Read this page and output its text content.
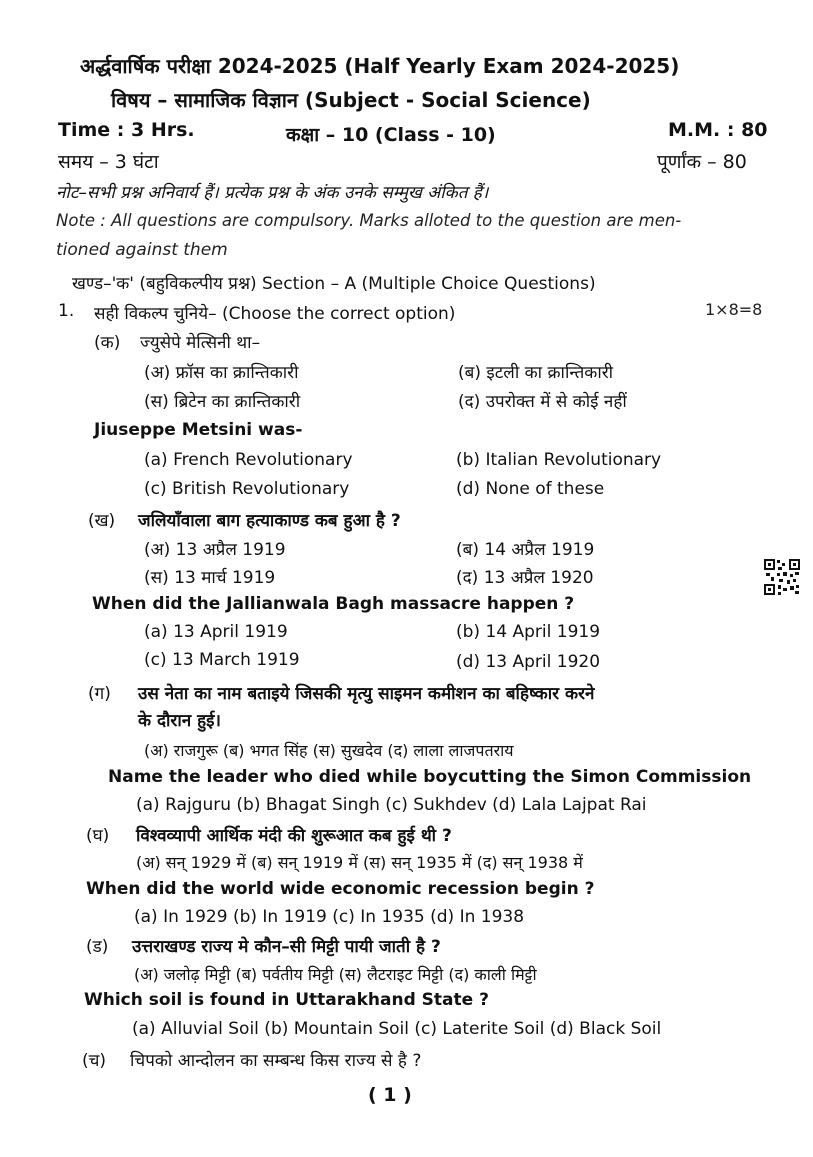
अर्द्धवार्षिक परीक्षा 2024-2025 (Half Yearly Exam 2024-2025)
विषय – सामाजिक विज्ञान (Subject - Social Science)
Time : 3 Hrs.	कक्षा – 10 (Class - 10)	M.M. : 80
समय – 3 घंटा	पूर्णांक – 80
नोट–सभी प्रश्न अनिवार्य हैं। प्रत्येक प्रश्न के अंक उनके सम्मुख अंकित हैं।
Note : All questions are compulsory. Marks alloted to the question are men-
tioned against them
खण्ड–'क' (बहुविकल्पीय प्रश्न) Section – A (Multiple Choice Questions)
1. सही विकल्प चुनिये– (Choose the correct option)	1×8=8
(क) ज्युसेपे मेत्सिनी था–
(अ) फ्रॉस का क्रान्तिकारी	(ब) इटली का क्रान्तिकारी
(स) ब्रिटेन का क्रान्तिकारी	(द) उपरोक्त में से कोई नहीं
Jiuseppe Metsini was-
(a) French Revolutionary	(b) Italian Revolutionary
(c) British Revolutionary	(d) None of these
(ख) जलियाँवाला बाग हत्याकाण्ड कब हुआ है ?
(अ) 13 अप्रैल 1919	(ब) 14 अप्रैल 1919
(स) 13 मार्च 1919	(द) 13 अप्रैल 1920
When did the Jallianwala Bagh massacre happen ?
(a) 13 April 1919	(b) 14 April 1919
(c) 13 March 1919	(d) 13 April 1920
(ग) उस नेता का नाम बताइये जिसकी मृत्यु साइमन कमीशन का बहिष्कार करने
के दौरान हुई।
(अ) राजगुरू (ब) भगत सिंह (स) सुखदेव (द) लाला लाजपतराय
Name the leader who died while boycutting the Simon Commission
(a) Rajguru (b) Bhagat Singh (c) Sukhdev (d) Lala Lajpat Rai
(घ) विश्वव्यापी आर्थिक मंदी की शुरूआत कब हुई थी ?
(अ) सन् 1929 में (ब) सन् 1919 में (स) सन् 1935 में (द) सन् 1938 में
When did the world wide economic recession begin ?
(a) In 1929 (b) In 1919 (c) In 1935 (d) In 1938
(ड) उत्तराखण्ड राज्य मे कौन–सी मिट्टी पायी जाती है ?
(अ) जलोढ़ मिट्टी (ब) पर्वतीय मिट्टी (स) लैटराइट मिट्टी (द) काली मिट्टी
Which soil is found in Uttarakhand State ?
(a) Alluvial Soil (b) Mountain Soil (c) Laterite Soil (d) Black Soil
(च) चिपको आन्दोलन का सम्बन्ध किस राज्य से है ?
( 1 )
